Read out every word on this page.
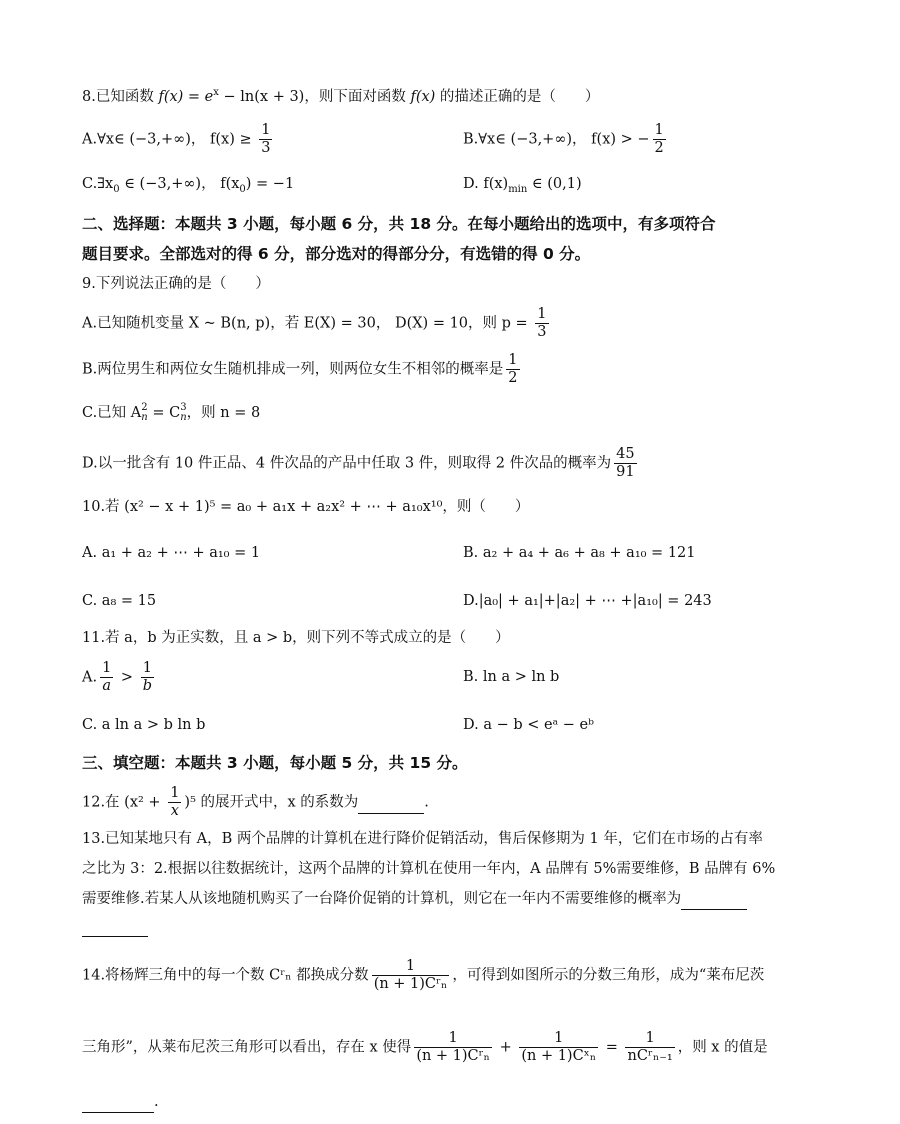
8.已知函数 $f(x) = e^x - \ln(x + 3)$，则下面对函数 f(x) 的描述正确的是（　　）
A.∀x∈ (−3,+∞)， $f(x) \ge \frac{1}{3}$	B.∀x∈ (−3,+∞)， f(x) > − $\frac{1}{2}$
$C.\exists x_0$ ∈ (−3,+∞)， $f(x_0) = -1$	D. $f(x)_{min}$ ∈ (0,1)
二、选择题：本题共 3 小题，每小题 6 分，共 18 分。在每小题给出的选项中，有多项符合
题目要求。全部选对的得 6 分，部分选对的得部分分，有选错的得 0 分。
9.下列说法正确的是（　　）
A.已知随机变量 X ~ B(n, p)，若 E(X) = 30， D(X) = 10，则 $p = \frac{1}{3}$
B.两位男生和两位女生随机排成一列，则两位女生不相邻的概率是 $\frac{1}{2}$
C.已知 A 2
n = C 3
n ，则 n = 8
D.以一批含有 10 件正品、4 件次品的产品中任取 3 件，则取得 2 件次品的概率为 $\frac{45}{91}$
10.若 (x² − x + 1)⁵ = a₀ + a₁x + a₂x² + ⋯ + a₁₀x¹⁰，则（　　）
A. a₁ + a₂ + ⋯ + a₁₀ = 1	B. a₂ + a₄ + a₆ + a₈ + a₁₀ = 121
C. a₈ = 15	D.|a₀| + a₁|+|a₂| + ⋯ +|a₁₀| = 243
11.若 a，b 为正实数，且 a > b，则下列不等式成立的是（　　）
A. $\frac{1}{a} > \frac{1}{b}$	B. ln a > ln b
C. a ln a > b ln b	D. a − b < eᵃ − eᵇ
三、填空题：本题共 3 小题，每小题 5 分，共 15 分。
12.在 $(x^2 + \frac{1}{x} )^5$ 的展开式中，x 的系数为	.
13.已知某地只有 A，B 两个品牌的计算机在进行降价促销活动，售后保修期为 1 年，它们在市场的占有率
之比为 3：2.根据以往数据统计，这两个品牌的计算机在使用一年内，A 品牌有 5%需要维修，B 品牌有 6%
需要维修.若某人从该地随机购买了一台降价促销的计算机，则它在一年内不需要维修的概率为

14.将杨辉三角中的每一个数 Cʳₙ 都换成分数 $\frac{1}{\text{(n + 1)Cʳₙ}}$ ，可得到如图所示的分数三角形，成为“莱布尼茨
三角形”，从莱布尼茨三角形可以看出，存在 x 使得 $\frac{1}{\text{(n + 1)Cʳₙ}} + \frac{1}{\text{(n + 1)Cˣₙ}} = \frac{1}{\text{nCʳₙ₋₁}}$ ，则 x 的值是
.
